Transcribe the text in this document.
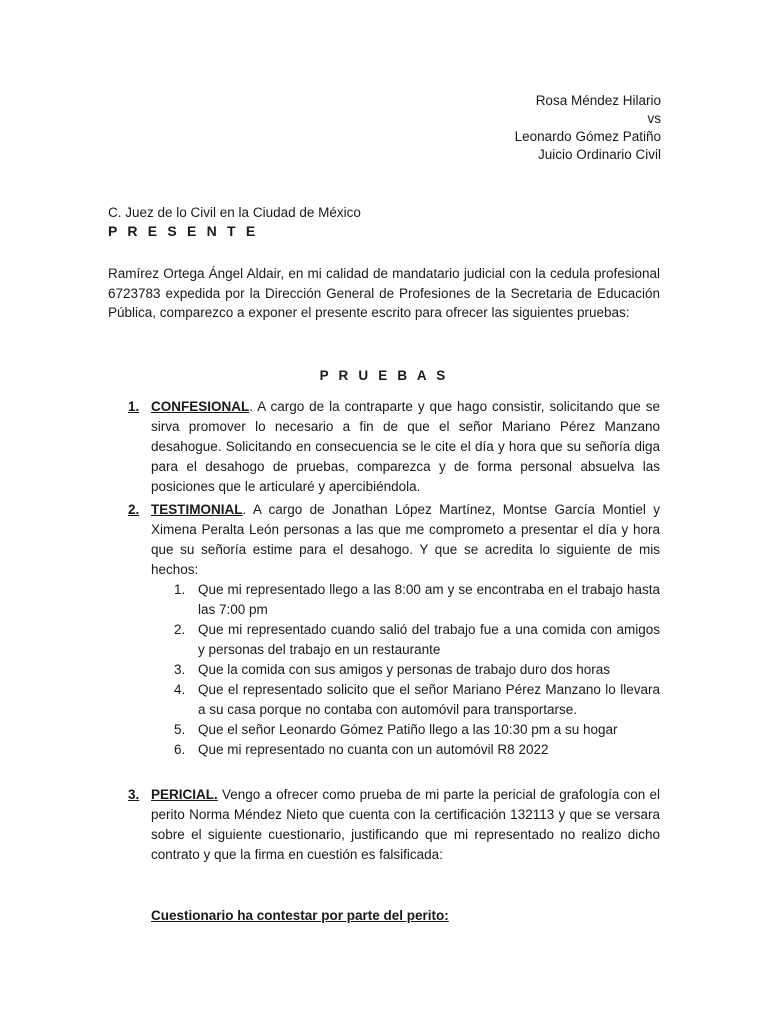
Rosa Méndez Hilario
vs
Leonardo Gómez Patiño
Juicio Ordinario Civil
C. Juez de lo Civil en la Ciudad de México
P R E S E N T E
Ramírez Ortega Ángel Aldair, en mi calidad de mandatario judicial con la cedula profesional 6723783 expedida por la Dirección General de Profesiones de la Secretaria de Educación Pública, comparezco a exponer el presente escrito para ofrecer las siguientes pruebas:
P R U E B A S
1. CONFESIONAL. A cargo de la contraparte y que hago consistir, solicitando que se sirva promover lo necesario a fin de que el señor Mariano Pérez Manzano desahogue. Solicitando en consecuencia se le cite el día y hora que su señoría diga para el desahogo de pruebas, comparezca y de forma personal absuelva las posiciones que le articularé y apercibiéndola.
2. TESTIMONIAL. A cargo de Jonathan López Martínez, Montse García Montiel y Ximena Peralta León personas a las que me comprometo a presentar el día y hora que su señoría estime para el desahogo. Y que se acredita lo siguiente de mis hechos:
1. Que mi representado llego a las 8:00 am y se encontraba en el trabajo hasta las 7:00 pm
2. Que mi representado cuando salió del trabajo fue a una comida con amigos y personas del trabajo en un restaurante
3. Que la comida con sus amigos y personas de trabajo duro dos horas
4. Que el representado solicito que el señor Mariano Pérez Manzano lo llevara a su casa porque no contaba con automóvil para transportarse.
5. Que el señor Leonardo Gómez Patiño llego a las 10:30 pm a su hogar
6. Que mi representado no cuanta con un automóvil R8 2022
3. PERICIAL. Vengo a ofrecer como prueba de mi parte la pericial de grafología con el perito Norma Méndez Nieto que cuenta con la certificación 132113 y que se versara sobre el siguiente cuestionario, justificando que mi representado no realizo dicho contrato y que la firma en cuestión es falsificada:
Cuestionario ha contestar por parte del perito:
